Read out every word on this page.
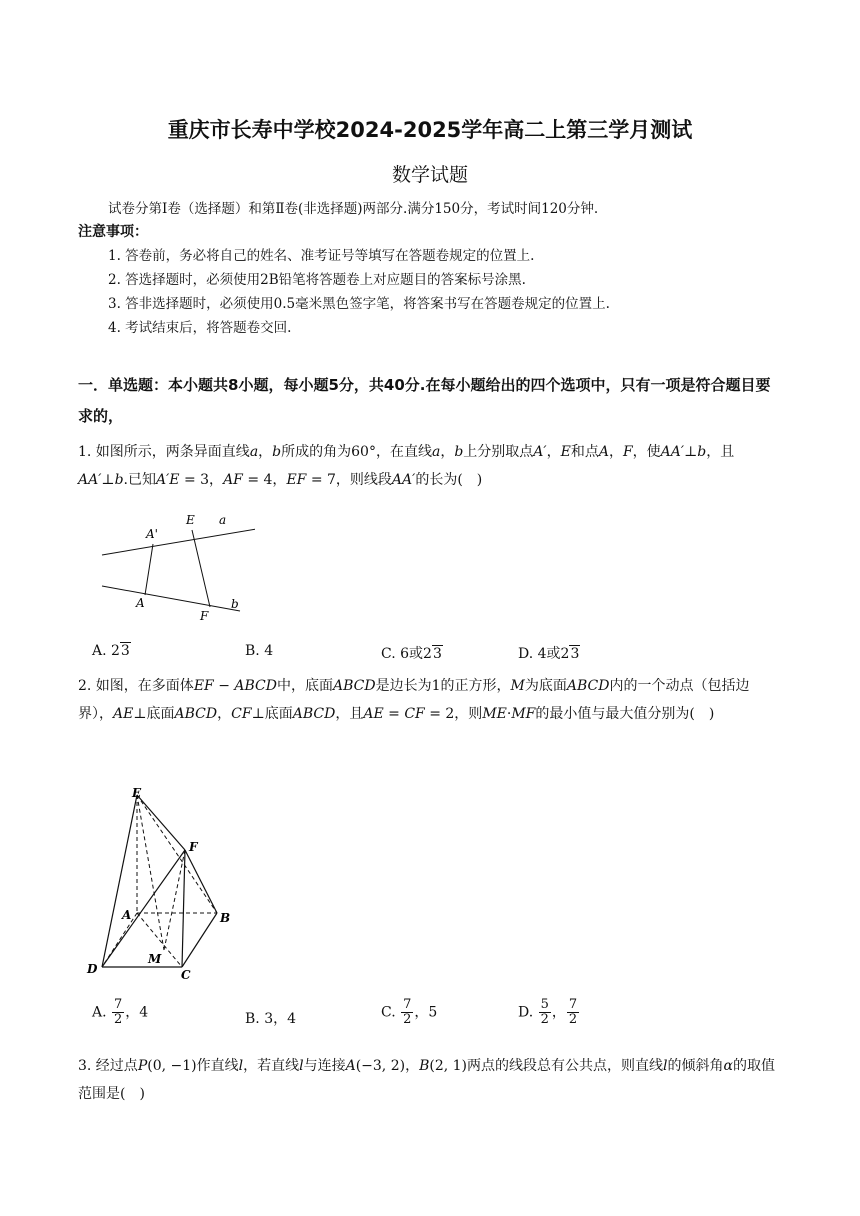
重庆市长寿中学校2024-2025学年高二上第三学月测试
数学试题
试卷分第Ⅰ卷（选择题）和第Ⅱ卷(非选择题)两部分.满分150分，考试时间120分钟.
注意事项：
1. 答卷前，务必将自己的姓名、准考证号等填写在答题卷规定的位置上.
2. 答选择题时，必须使用2B铅笔将答题卷上对应题目的答案标号涂黑.
3. 答非选择题时，必须使用0.5毫米黑色签字笔，将答案书写在答题卷规定的位置上.
4. 考试结束后，将答题卷交回.
一．单选题：本小题共8小题，每小题5分，共40分.在每小题给出的四个选项中，只有一项是符合题目要求的，
1. 如图所示，两条异面直线a，b所成的角为60°，在直线a，b上分别取点A′，E和点A，F，使AA′⊥b，且AA′⊥b.已知A′E = 3，AF = 4，EF = 7，则线段AA′的长为(　)
A'
E a
A
F
b
A. 23	B. 4	C. 6或23	D. 4或23
2. 如图，在多面体EF − ABCD中，底面ABCD是边长为1的正方形，M为底面ABCD内的一个动点（包括边界），AE⊥底面ABCD，CF⊥底面ABCD，且AE = CF = 2，则ME·MF的最小值与最大值分别为(　)
E
F
A	B
M
D	C
A. $\frac{7}{2}$ ，4	B. 3，4	C. $\frac{7}{2}$ ，5	D. $\frac{5}{2}$ ， $\frac{7}{2}$
3. 经过点P(0, −1)作直线l，若直线l与连接A(−3, 2)，B(2, 1)两点的线段总有公共点，则直线l的倾斜角α的取值范围是(　)
